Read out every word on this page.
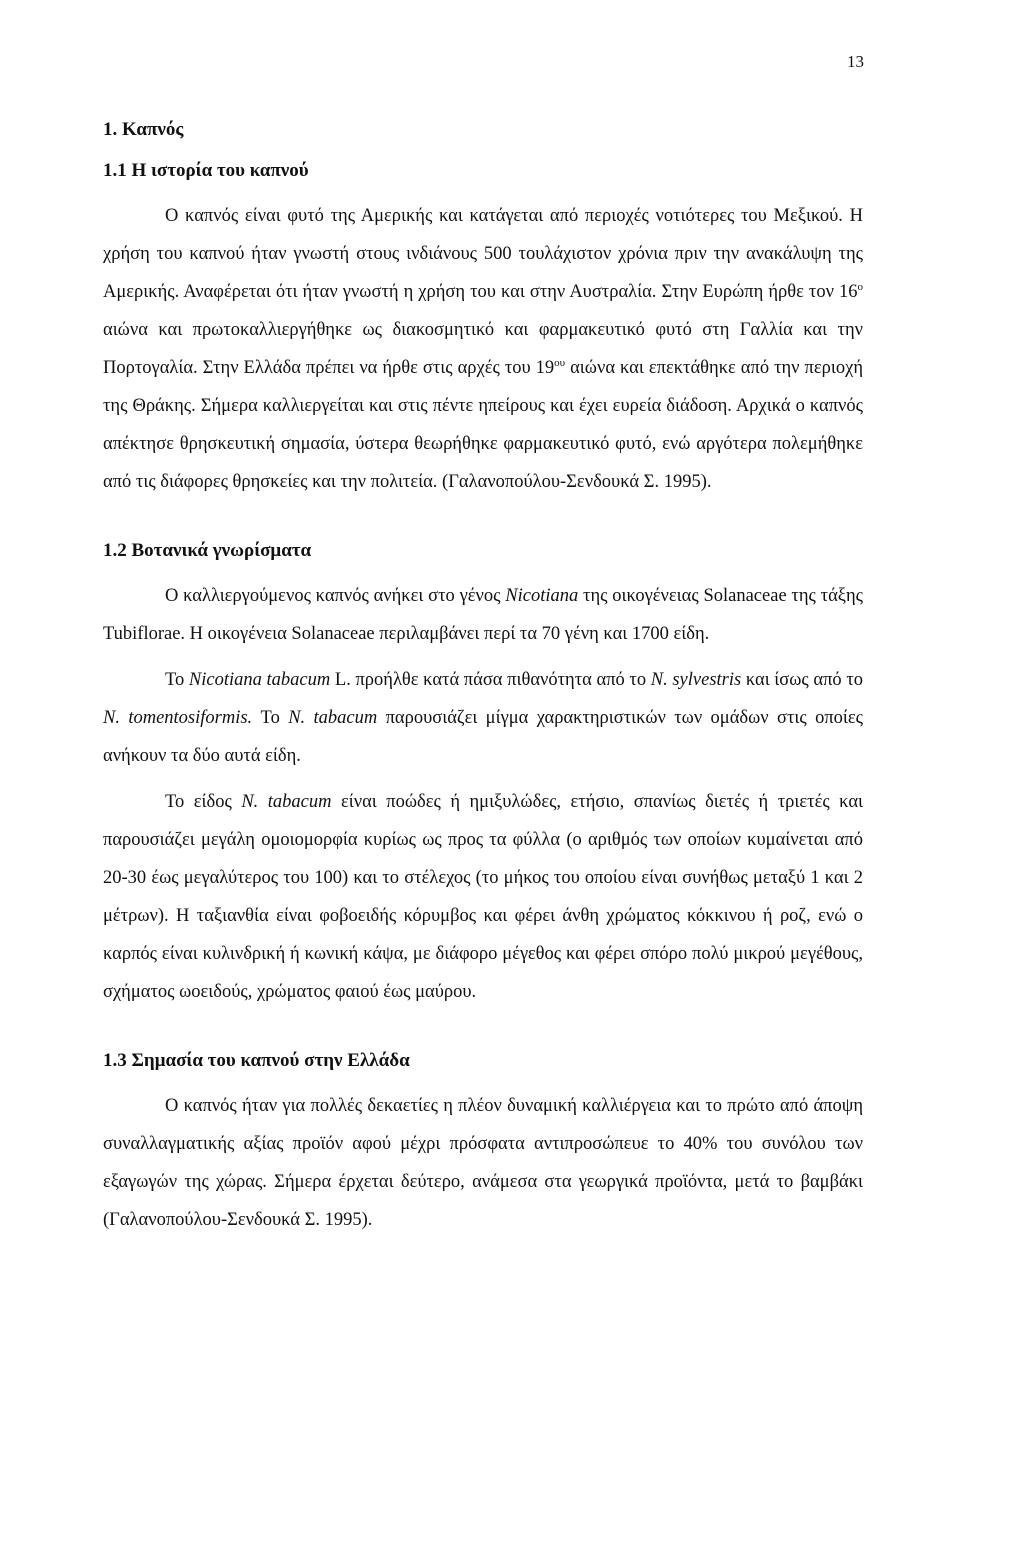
13
1. Καπνός
1.1 Η ιστορία του καπνού

Ο καπνός είναι φυτό της Αμερικής και κατάγεται από περιοχές νοτιότερες του Μεξικού. Η χρήση του καπνού ήταν γνωστή στους ινδιάνους 500 τουλάχιστον χρόνια πριν την ανακάλυψη της Αμερικής. Αναφέρεται ότι ήταν γνωστή η χρήση του και στην Αυστραλία. Στην Ευρώπη ήρθε τον $16^o$ αιώνα και πρωτοκαλλιεργήθηκε ως διακοσμητικό και φαρμακευτικό φυτό στη Γαλλία και την Πορτογαλία. Στην Ελλάδα πρέπει να ήρθε στις αρχές του $19^{o\upsilon}$ αιώνα και επεκτάθηκε από την περιοχή της Θράκης. Σήμερα καλλιεργείται και στις πέντε ηπείρους και έχει ευρεία διάδοση. Αρχικά ο καπνός απέκτησε θρησκευτική σημασία, ύστερα θεωρήθηκε φαρμακευτικό φυτό, ενώ αργότερα πολεμήθηκε από τις διάφορες θρησκείες και την πολιτεία. (Γαλανοπούλου-Σενδουκά Σ. 1995).

1.2 Βοτανικά γνωρίσματα

Ο καλλιεργούμενος καπνός ανήκει στο γένος Nicotiana της οικογένειας Solanaceae της τάξης Tubiflorae. Η οικογένεια Solanaceae περιλαμβάνει περί τα 70 γένη και 1700 είδη.

Το Nicotiana tabacum L. προήλθε κατά πάσα πιθανότητα από το N. sylvestris και ίσως από το N. tomentosiformis. Το N. tabacum παρουσιάζει μίγμα χαρακτηριστικών των ομάδων στις οποίες ανήκουν τα δύο αυτά είδη.

Το είδος N. tabacum είναι ποώδες ή ημιξυλώδες, ετήσιο, σπανίως διετές ή τριετές και παρουσιάζει μεγάλη ομοιομορφία κυρίως ως προς τα φύλλα (ο αριθμός των οποίων κυμαίνεται από 20-30 έως μεγαλύτερος του 100) και το στέλεχος (το μήκος του οποίου είναι συνήθως μεταξύ 1 και 2 μέτρων). Η ταξιανθία είναι φοβοειδής κόρυμβος και φέρει άνθη χρώματος κόκκινου ή ροζ, ενώ ο καρπός είναι κυλινδρική ή κωνική κάψα, με διάφορο μέγεθος και φέρει σπόρο πολύ μικρού μεγέθους, σχήματος ωοειδούς, χρώματος φαιού έως μαύρου.

1.3 Σημασία του καπνού στην Ελλάδα

Ο καπνός ήταν για πολλές δεκαετίες η πλέον δυναμική καλλιέργεια και το πρώτο από άποψη συναλλαγματικής αξίας προϊόν αφού μέχρι πρόσφατα αντιπροσώπευε το 40% του συνόλου των εξαγωγών της χώρας. Σήμερα έρχεται δεύτερο, ανάμεσα στα γεωργικά προϊόντα, μετά το βαμβάκι (Γαλανοπούλου-Σενδουκά Σ. 1995).
